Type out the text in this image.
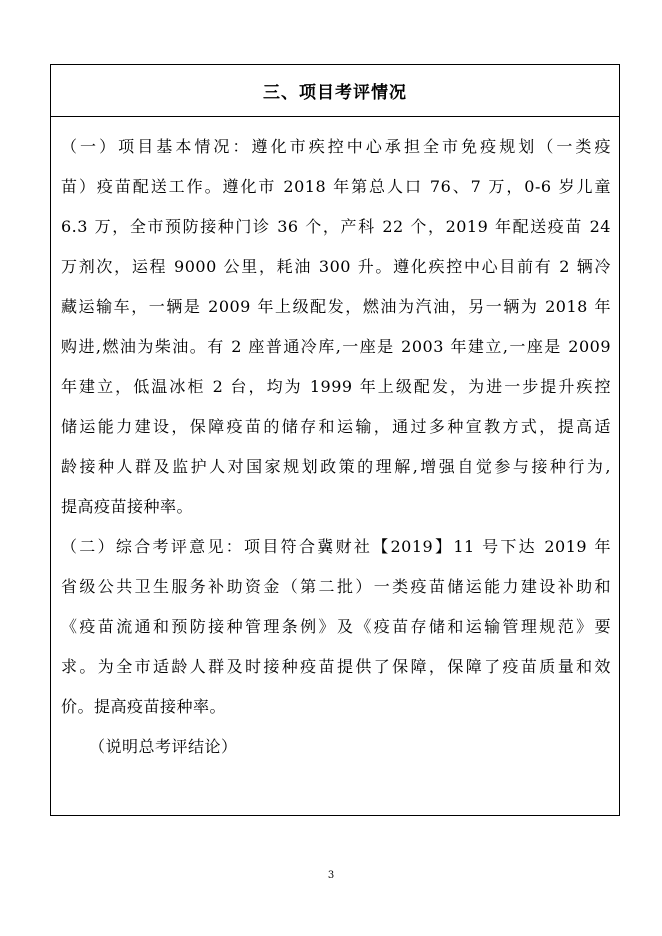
三、项目考评情况
（一）项目基本情况：遵化市疾控中心承担全市免疫规划（一类疫
苗）疫苗配送工作。遵化市 2018 年第总人口 76、7 万，0-6 岁儿童
6.3 万，全市预防接种门诊 36 个，产科 22 个，2019 年配送疫苗 24
万剂次，运程 9000 公里，耗油 300 升。遵化疾控中心目前有 2 辆冷
藏运输车，一辆是 2009 年上级配发，燃油为汽油，另一辆为 2018 年
购进,燃油为柴油。有 2 座普通冷库,一座是 2003 年建立,一座是 2009
年建立，低温冰柜 2 台，均为 1999 年上级配发，为进一步提升疾控
储运能力建设，保障疫苗的储存和运输，通过多种宣教方式，提高适
龄接种人群及监护人对国家规划政策的理解,增强自觉参与接种行为,
提高疫苗接种率。
（二）综合考评意见：项目符合冀财社【2019】11 号下达 2019 年
省级公共卫生服务补助资金（第二批）一类疫苗储运能力建设补助和
《疫苗流通和预防接种管理条例》及《疫苗存储和运输管理规范》要
求。为全市适龄人群及时接种疫苗提供了保障，保障了疫苗质量和效
价。提高疫苗接种率。
（说明总考评结论）
3
